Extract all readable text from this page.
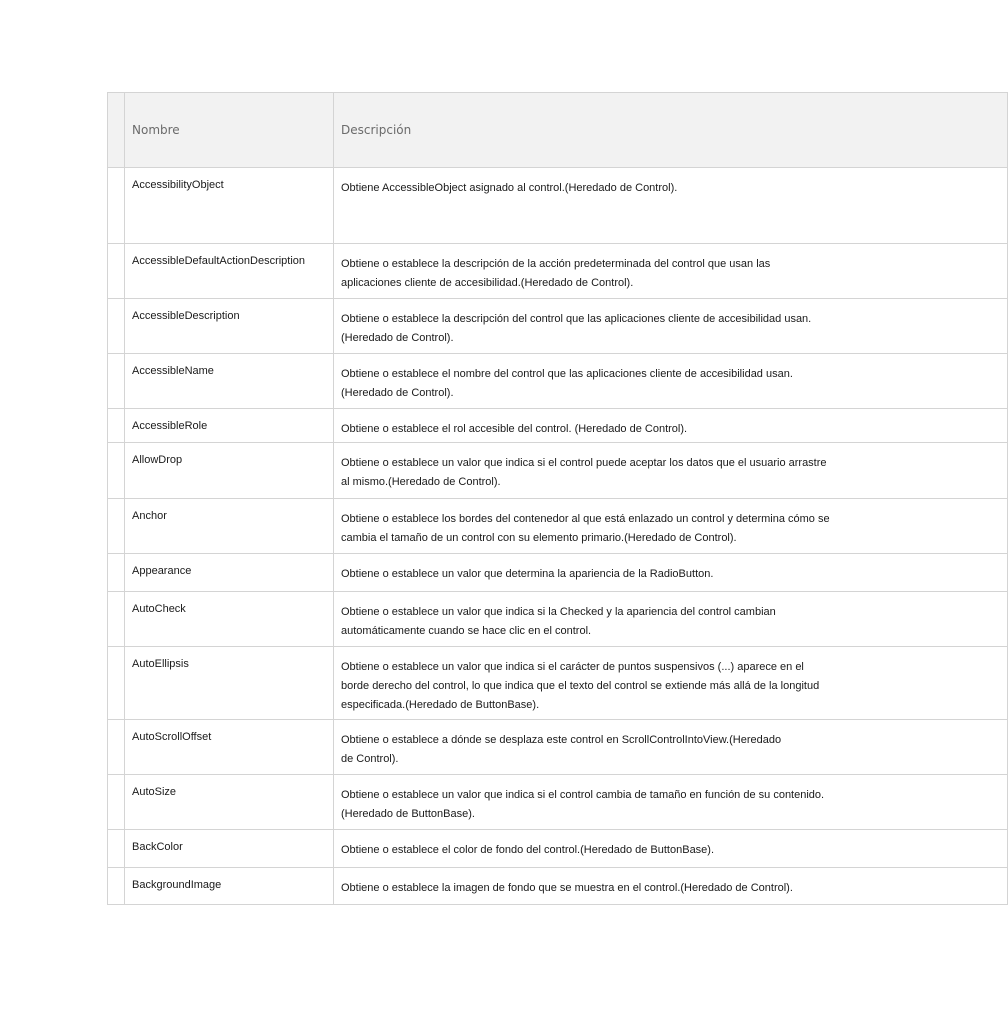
	Nombre	Descripción

	AccessibilityObject	Obtiene AccessibleObject asignado al control.(Heredado de Control).

	AccessibleDefaultActionDescription	Obtiene o establece la descripción de la acción predeterminada del control que usan las
aplicaciones cliente de accesibilidad.(Heredado de Control).

	AccessibleDescription	Obtiene o establece la descripción del control que las aplicaciones cliente de accesibilidad usan.
(Heredado de Control).

	AccessibleName	Obtiene o establece el nombre del control que las aplicaciones cliente de accesibilidad usan.
(Heredado de Control).

	AccessibleRole	Obtiene o establece el rol accesible del control. (Heredado de Control).

	AllowDrop	Obtiene o establece un valor que indica si el control puede aceptar los datos que el usuario arrastre
al mismo.(Heredado de Control).

	Anchor	Obtiene o establece los bordes del contenedor al que está enlazado un control y determina cómo se
cambia el tamaño de un control con su elemento primario.(Heredado de Control).

	Appearance	Obtiene o establece un valor que determina la apariencia de la RadioButton.

	AutoCheck	Obtiene o establece un valor que indica si la Checked y la apariencia del control cambian
automáticamente cuando se hace clic en el control.

	AutoEllipsis	Obtiene o establece un valor que indica si el carácter de puntos suspensivos (...) aparece en el
borde derecho del control, lo que indica que el texto del control se extiende más allá de la longitud
especificada.(Heredado de ButtonBase).

	AutoScrollOffset	Obtiene o establece a dónde se desplaza este control en ScrollControlIntoView.(Heredado
de Control).

	AutoSize	Obtiene o establece un valor que indica si el control cambia de tamaño en función de su contenido.
(Heredado de ButtonBase).

	BackColor	Obtiene o establece el color de fondo del control.(Heredado de ButtonBase).

	BackgroundImage	Obtiene o establece la imagen de fondo que se muestra en el control.(Heredado de Control).
